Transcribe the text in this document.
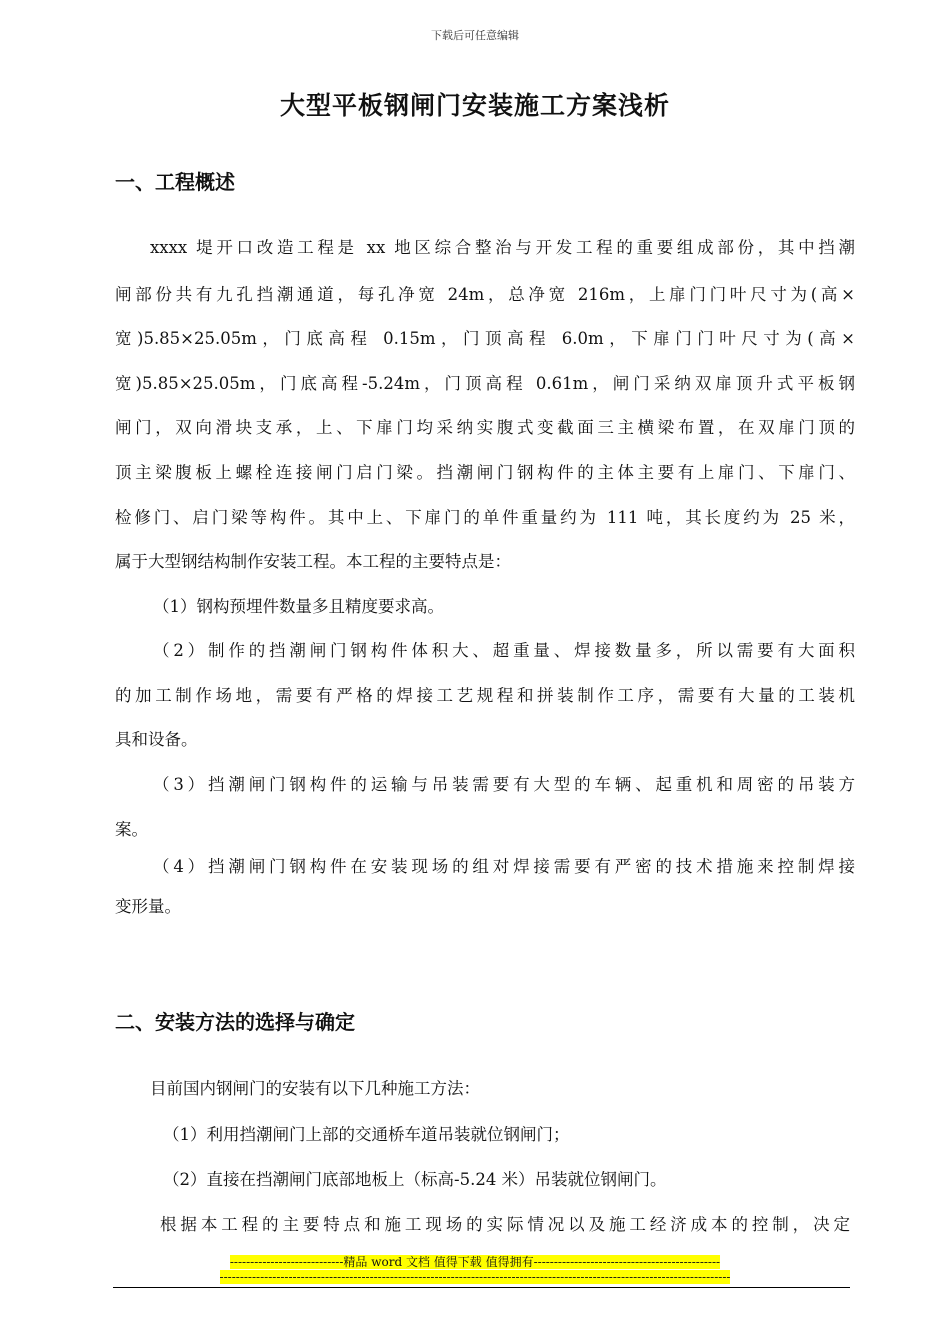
下载后可任意编辑
大型平板钢闸门安装施工方案浅析
一、工程概述
xxxx 堤开口改造工程是 xx 地区综合整治与开发工程的重要组成部份，其中挡潮
闸部份共有九孔挡潮通道，每孔净宽 24m，总净宽 216m，上扉门门叶尺寸为(高×
宽)5.85×25.05m，门底高程 0.15m，门顶高程 6.0m，下扉门门叶尺寸为(高×
宽)5.85×25.05m，门底高程-5.24m，门顶高程 0.61m，闸门采纳双扉顶升式平板钢
闸门，双向滑块支承，上、下扉门均采纳实腹式变截面三主横梁布置，在双扉门顶的
顶主梁腹板上螺栓连接闸门启门梁。挡潮闸门钢构件的主体主要有上扉门、下扉门、
检修门、启门梁等构件。其中上、下扉门的单件重量约为 111 吨，其长度约为 25 米，
属于大型钢结构制作安装工程。本工程的主要特点是：
（1）钢构预埋件数量多且精度要求高。
（2）制作的挡潮闸门钢构件体积大、超重量、焊接数量多，所以需要有大面积
的加工制作场地，需要有严格的焊接工艺规程和拼装制作工序，需要有大量的工装机
具和设备。
（3）挡潮闸门钢构件的运输与吊装需要有大型的车辆、起重机和周密的吊装方
案。
（4）挡潮闸门钢构件在安装现场的组对焊接需要有严密的技术措施来控制焊接
变形量。
二、安装方法的选择与确定
目前国内钢闸门的安装有以下几种施工方法：
（1）利用挡潮闸门上部的交通桥车道吊装就位钢闸门；
（2）直接在挡潮闸门底部地板上（标高-5.24 米）吊装就位钢闸门。
根据本工程的主要特点和施工现场的实际情况以及施工经济成本的控制，决定
----------------------------精品 word 文档 值得下载 值得拥有----------------------------------------------
------------------------------------------------------------------------------------------------------------------------------
